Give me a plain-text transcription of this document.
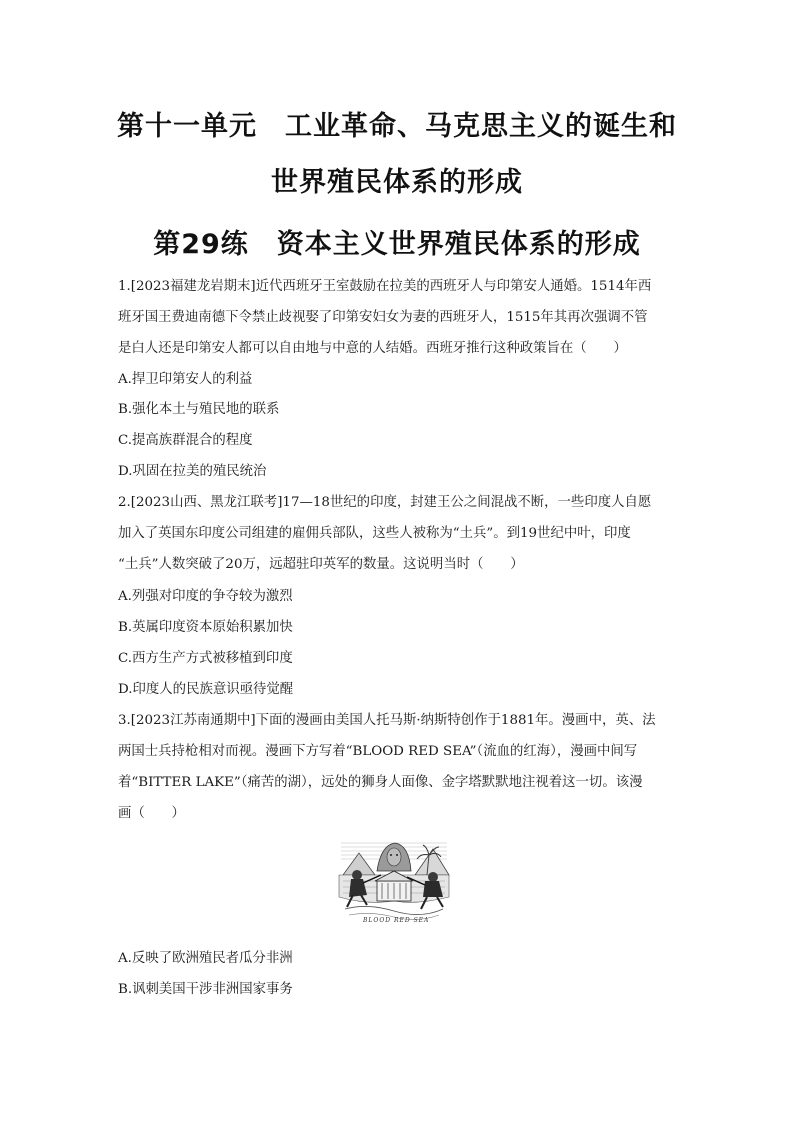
第十一单元　工业革命、马克思主义的诞生和
世界殖民体系的形成
第29练　资本主义世界殖民体系的形成
1.[2023福建龙岩期末]近代西班牙王室鼓励在拉美的西班牙人与印第安人通婚。1514年西
班牙国王费迪南德下令禁止歧视娶了印第安妇女为妻的西班牙人，1515年其再次强调不管
是白人还是印第安人都可以自由地与中意的人结婚。西班牙推行这种政策旨在（　　）
A.捍卫印第安人的利益
B.强化本土与殖民地的联系
C.提高族群混合的程度
D.巩固在拉美的殖民统治
2.[2023山西、黑龙江联考]17—18世纪的印度，封建王公之间混战不断，一些印度人自愿
加入了英国东印度公司组建的雇佣兵部队，这些人被称为“土兵”。到19世纪中叶，印度
“土兵”人数突破了20万，远超驻印英军的数量。这说明当时（　　）
A.列强对印度的争夺较为激烈
B.英属印度资本原始积累加快
C.西方生产方式被移植到印度
D.印度人的民族意识亟待觉醒
3.[2023江苏南通期中]下面的漫画由美国人托马斯·纳斯特创作于1881年。漫画中，英、法
两国士兵持枪相对而视。漫画下方写着“BLOOD RED SEA”（流血的红海），漫画中间写
着“BITTER LAKE”（痛苦的湖），远处的狮身人面像、金字塔默默地注视着这一切。该漫
画（　　）
BLOOD RED SEA
A.反映了欧洲殖民者瓜分非洲
B.讽刺美国干涉非洲国家事务
